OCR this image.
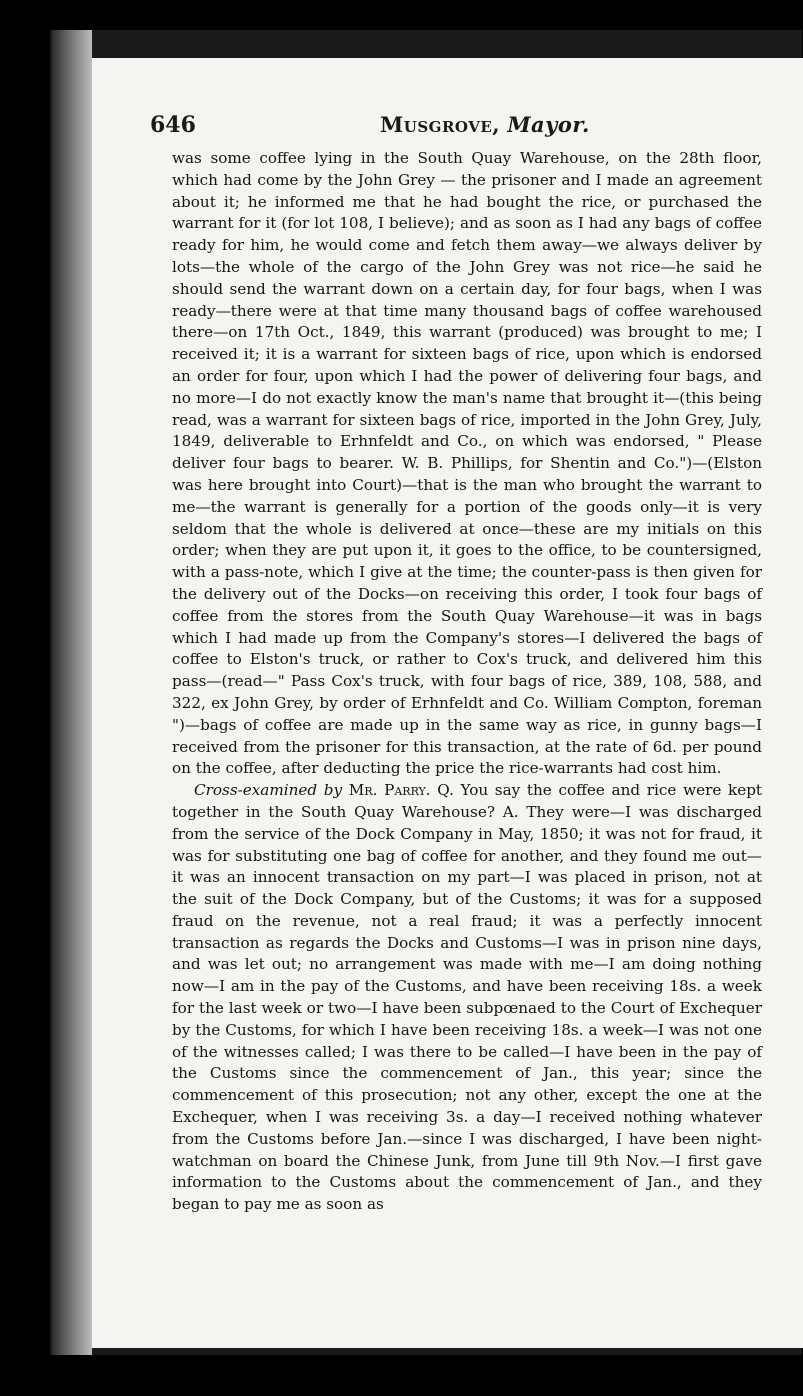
646	Musgrove, Mayor.

was some coffee lying in the South Quay Warehouse, on the 28th floor, which had come by the John Grey — the prisoner and I made an agreement about it; he informed me that he had bought the rice, or purchased the warrant for it (for lot 108, I believe); and as soon as I had any bags of coffee ready for him, he would come and fetch them away—we always deliver by lots—the whole of the cargo of the John Grey was not rice—he said he should send the warrant down on a certain day, for four bags, when I was ready—there were at that time many thousand bags of coffee warehoused there—on 17th Oct., 1849, this warrant (produced) was brought to me; I received it; it is a warrant for sixteen bags of rice, upon which is endorsed an order for four, upon which I had the power of delivering four bags, and no more—I do not exactly know the man's name that brought it—(this being read, was a warrant for sixteen bags of rice, imported in the John Grey, July, 1849, deliverable to Erhnfeldt and Co., on which was endorsed, " Please deliver four bags to bearer. W. B. Phillips, for Shentin and Co.")—(Elston was here brought into Court)—that is the man who brought the warrant to me—the warrant is generally for a portion of the goods only—it is very seldom that the whole is delivered at once—these are my initials on this order; when they are put upon it, it goes to the office, to be countersigned, with a pass-note, which I give at the time; the counter-pass is then given for the delivery out of the Docks—on receiving this order, I took four bags of coffee from the stores from the South Quay Warehouse—it was in bags which I had made up from the Company's stores—I delivered the bags of coffee to Elston's truck, or rather to Cox's truck, and delivered him this pass—(read—" Pass Cox's truck, with four bags of rice, 389, 108, 588, and 322, ex John Grey, by order of Erhnfeldt and Co. William Compton, foreman ")—bags of coffee are made up in the same way as rice, in gunny bags—I received from the prisoner for this transaction, at the rate of 6d. per pound on the coffee, after deducting the price the rice-warrants had cost him.

Cross-examined by Mr. Parry. Q. You say the coffee and rice were kept together in the South Quay Warehouse? A. They were—I was discharged from the service of the Dock Company in May, 1850; it was not for fraud, it was for substituting one bag of coffee for another, and they found me out—it was an innocent transaction on my part—I was placed in prison, not at the suit of the Dock Company, but of the Customs; it was for a supposed fraud on the revenue, not a real fraud; it was a perfectly innocent transaction as regards the Docks and Customs—I was in prison nine days, and was let out; no arrangement was made with me—I am doing nothing now—I am in the pay of the Customs, and have been receiving 18s. a week for the last week or two—I have been subpœnaed to the Court of Exchequer by the Customs, for which I have been receiving 18s. a week—I was not one of the witnesses called; I was there to be called—I have been in the pay of the Customs since the commencement of Jan., this year; since the commencement of this prosecution; not any other, except the one at the Exchequer, when I was receiving 3s. a day—I received nothing whatever from the Customs before Jan.—since I was discharged, I have been night-watchman on board the Chinese Junk, from June till 9th Nov.—I first gave information to the Customs about the commencement of Jan., and they began to pay me as soon as
